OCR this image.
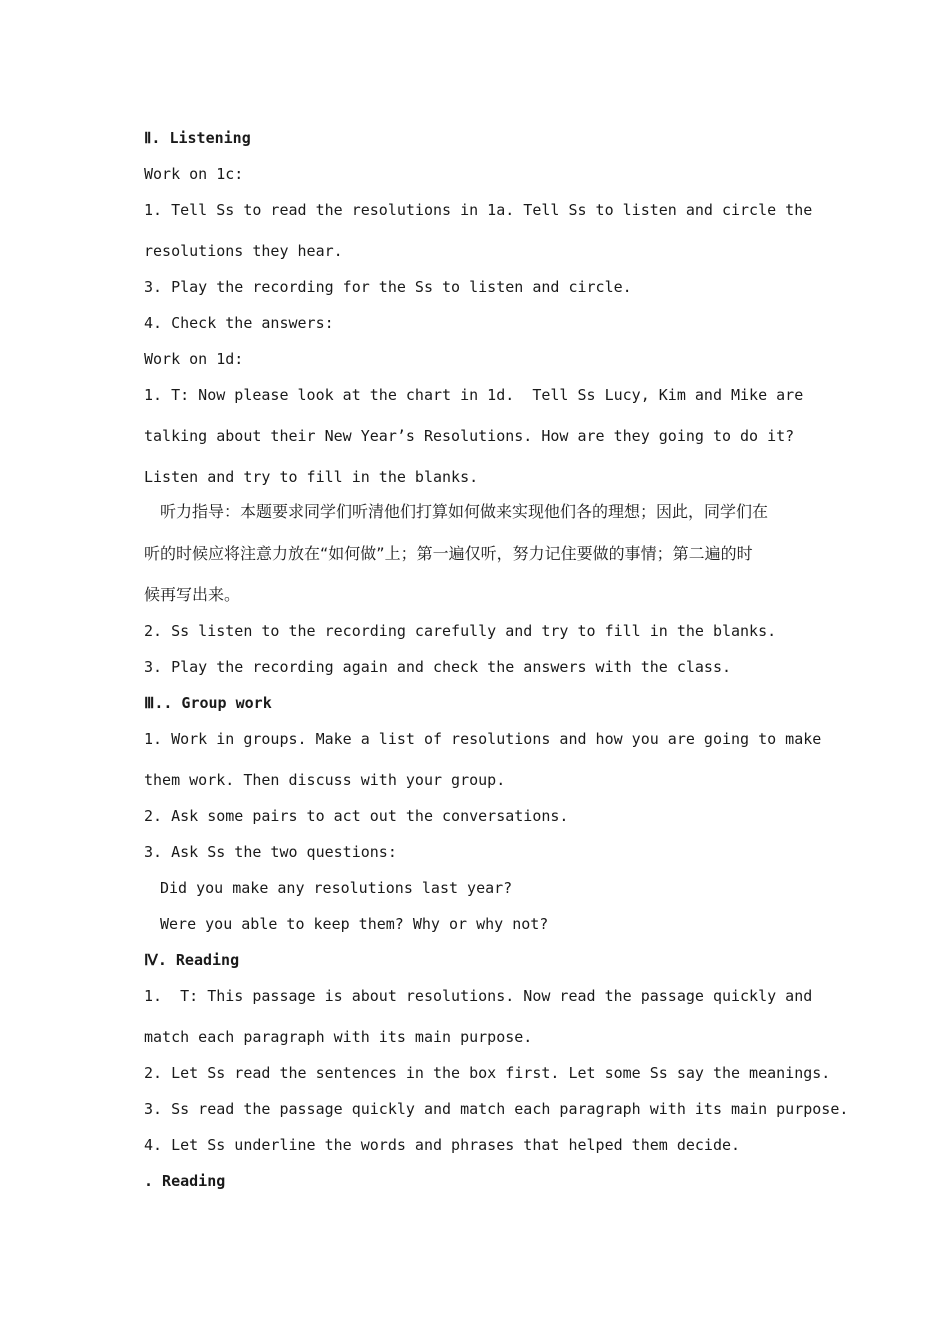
Ⅱ. Listening
Work on 1c:
1. Tell Ss to read the resolutions in 1a. Tell Ss to listen and circle the
resolutions they hear.
3. Play the recording for the Ss to listen and circle.
4. Check the answers:
Work on 1d:
1. T: Now please look at the chart in 1d.  Tell Ss Lucy, Kim and Mike are
talking about their New Year’s Resolutions. How are they going to do it?
Listen and try to fill in the blanks.
听力指导：本题要求同学们听清他们打算如何做来实现他们各的理想；因此，同学们在
听的时候应将注意力放在“如何做”上；第一遍仅听，努力记住要做的事情；第二遍的时
候再写出来。
2. Ss listen to the recording carefully and try to fill in the blanks.
3. Play the recording again and check the answers with the class.
Ⅲ.. Group work
1. Work in groups. Make a list of resolutions and how you are going to make
them work. Then discuss with your group.
2. Ask some pairs to act out the conversations.
3. Ask Ss the two questions:
Did you make any resolutions last year?
Were you able to keep them? Why or why not?
Ⅳ. Reading
1.  T: This passage is about resolutions. Now read the passage quickly and
match each paragraph with its main purpose.
2. Let Ss read the sentences in the box first. Let some Ss say the meanings.
3. Ss read the passage quickly and match each paragraph with its main purpose.
4. Let Ss underline the words and phrases that helped them decide.
. Reading
